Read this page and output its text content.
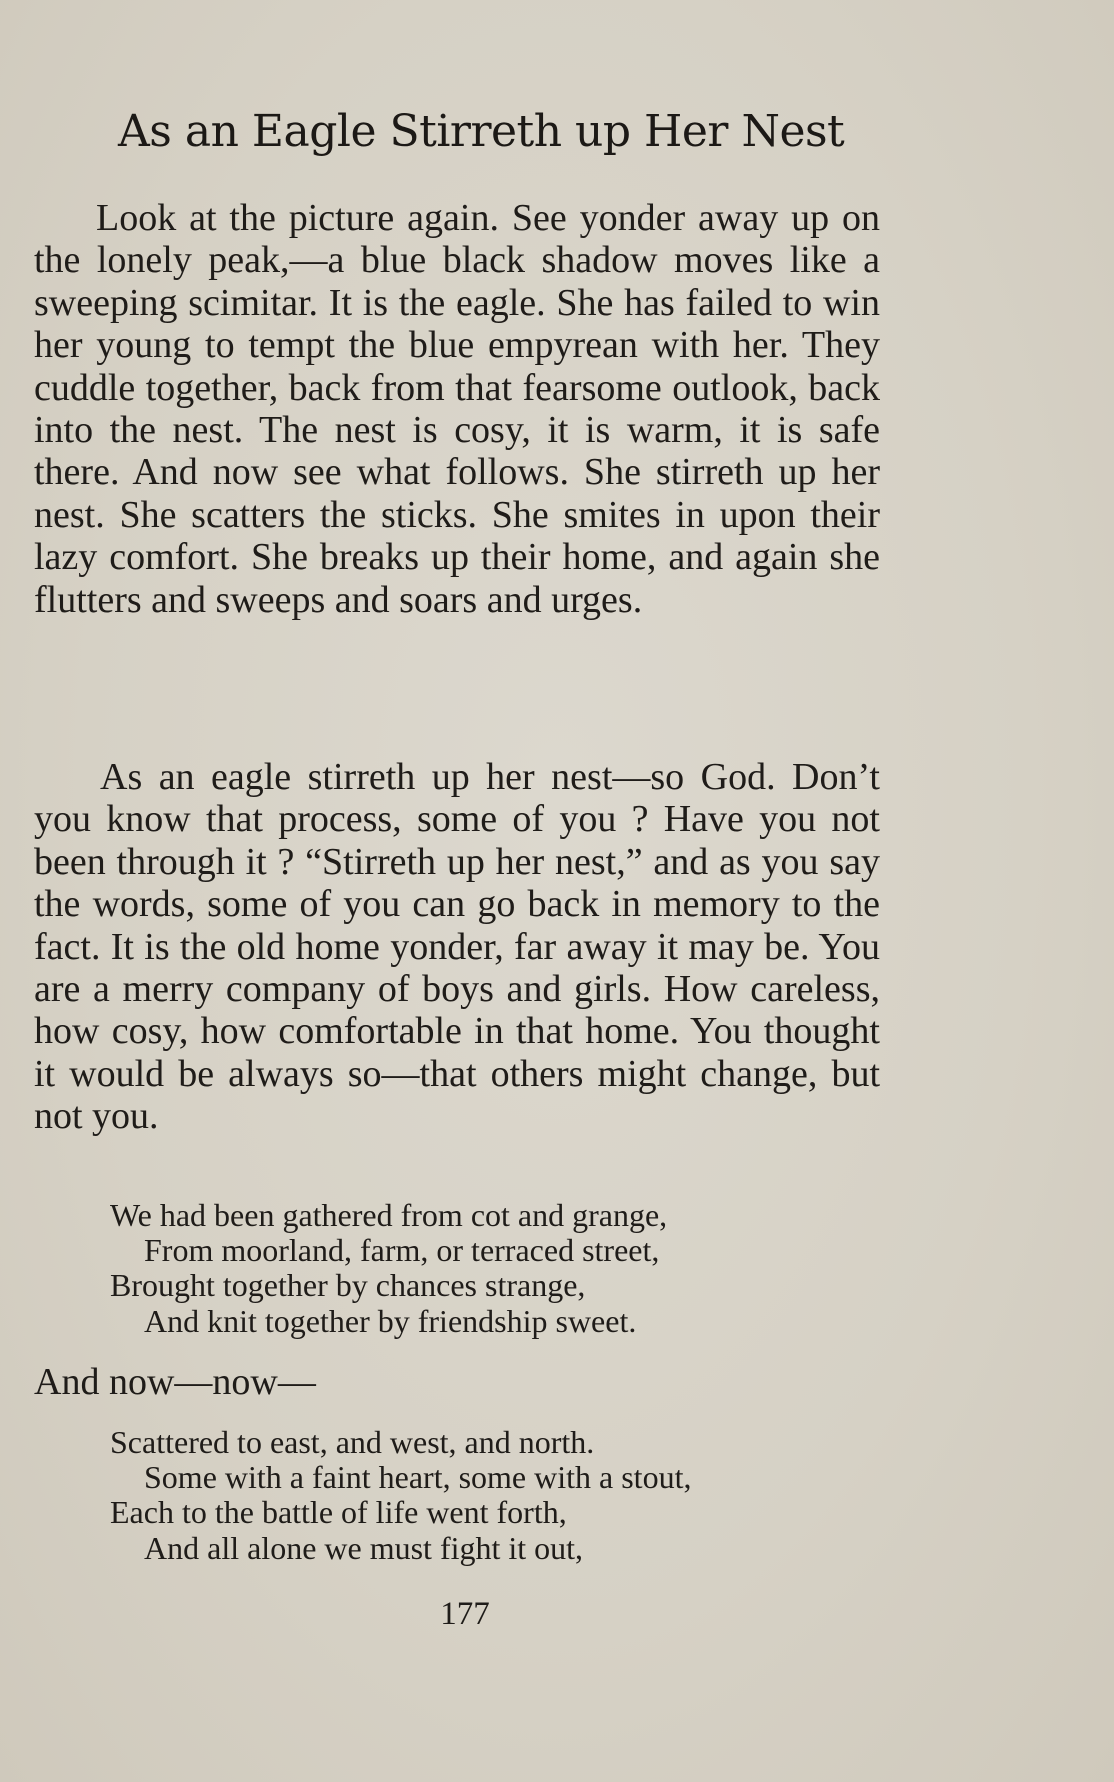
As an Eagle Stirreth up Her Nest

Look at the picture again. See yonder away up on the lonely peak,—a blue black shadow moves like a sweeping scimitar. It is the eagle. She has failed to win her young to tempt the blue empyrean with her. They cuddle together, back from that fearsome outlook, back into the nest. The nest is cosy, it is warm, it is safe there. And now see what follows. She stirreth up her nest. She scatters the sticks. She smites in upon their lazy comfort. She breaks up their home, and again she flutters and sweeps and soars and urges.

As an eagle stirreth up her nest—so God. Don’t you know that process, some of you ? Have you not been through it ? “Stirreth up her nest,” and as you say the words, some of you can go back in memory to the fact. It is the old home yonder, far away it may be. You are a merry company of boys and girls. How careless, how cosy, how comfortable in that home. You thought it would be always so—that others might change, but not you.

We had been gathered from cot and grange,
From moorland, farm, or terraced street,
Brought together by chances strange,
And knit together by friendship sweet.

And now—now—

Scattered to east, and west, and north.
Some with a faint heart, some with a stout,
Each to the battle of life went forth,
And all alone we must fight it out,
177
